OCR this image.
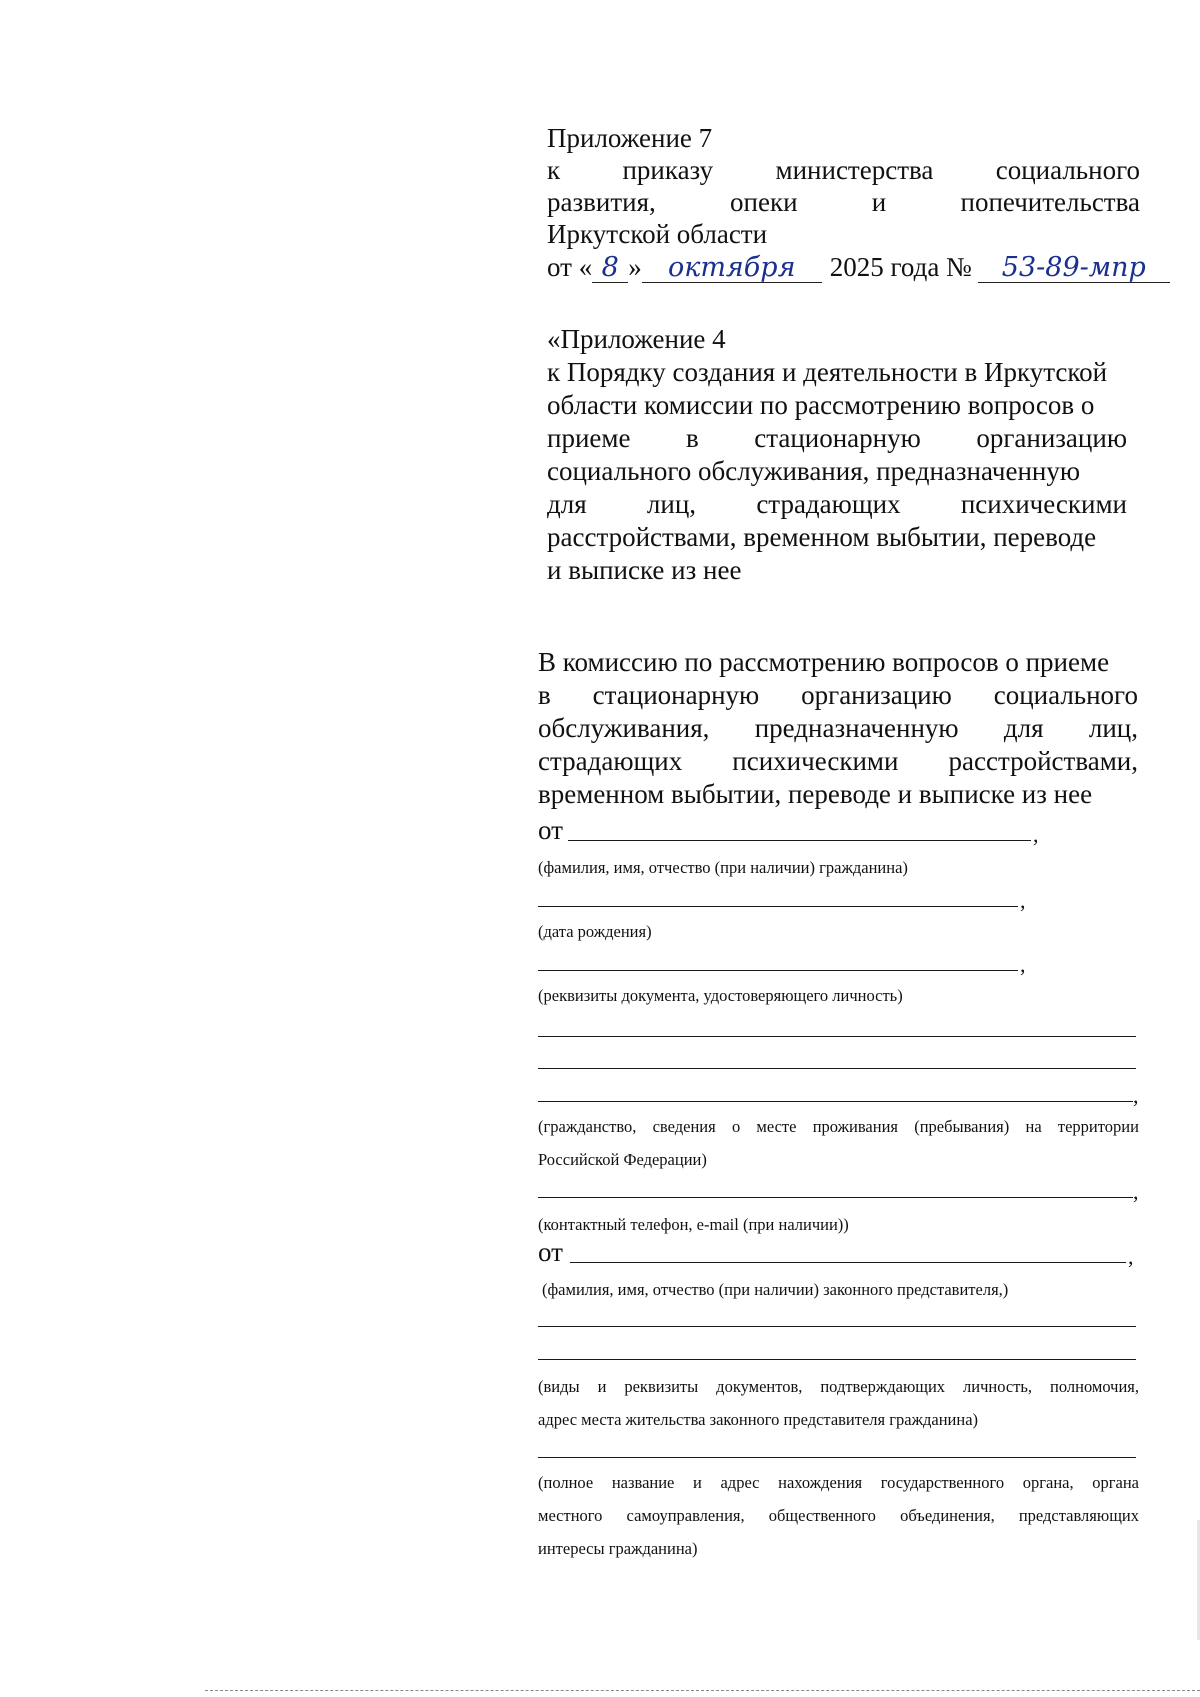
Приложение 7
к приказу министерства социального
развития,	опеки	и	попечительства
Иркутской области
от « 8 » октября	2025 года №	53-89-мпр
«Приложение 4
к Порядку создания и деятельности в Иркутской
области комиссии по рассмотрению вопросов о
приеме в стационарную организацию
социального обслуживания, предназначенную
для лиц, страдающих психическими
расстройствами, временном выбытии, переводе
и выписке из нее
В комиссию по рассмотрению вопросов о приеме
в стационарную организацию социального
обслуживания, предназначенную для лиц,
страдающих психическими расстройствами,
временном выбытии, переводе и выписке из нее
от	,
(фамилия, имя, отчество (при наличии) гражданина)
,
(дата рождения)
,
(реквизиты документа, удостоверяющего личность)
,
(гражданство, сведения о месте проживания (пребывания) на территории
Российской Федерации)
,
(контактный телефон, e-mail (при наличии))
от	,
(фамилия, имя, отчество (при наличии) законного представителя,)
(виды и реквизиты документов, подтверждающих личность, полномочия,
адрес места жительства законного представителя гражданина)
(полное название и адрес нахождения государственного органа, органа
местного самоуправления, общественного объединения, представляющих
интересы гражданина)
